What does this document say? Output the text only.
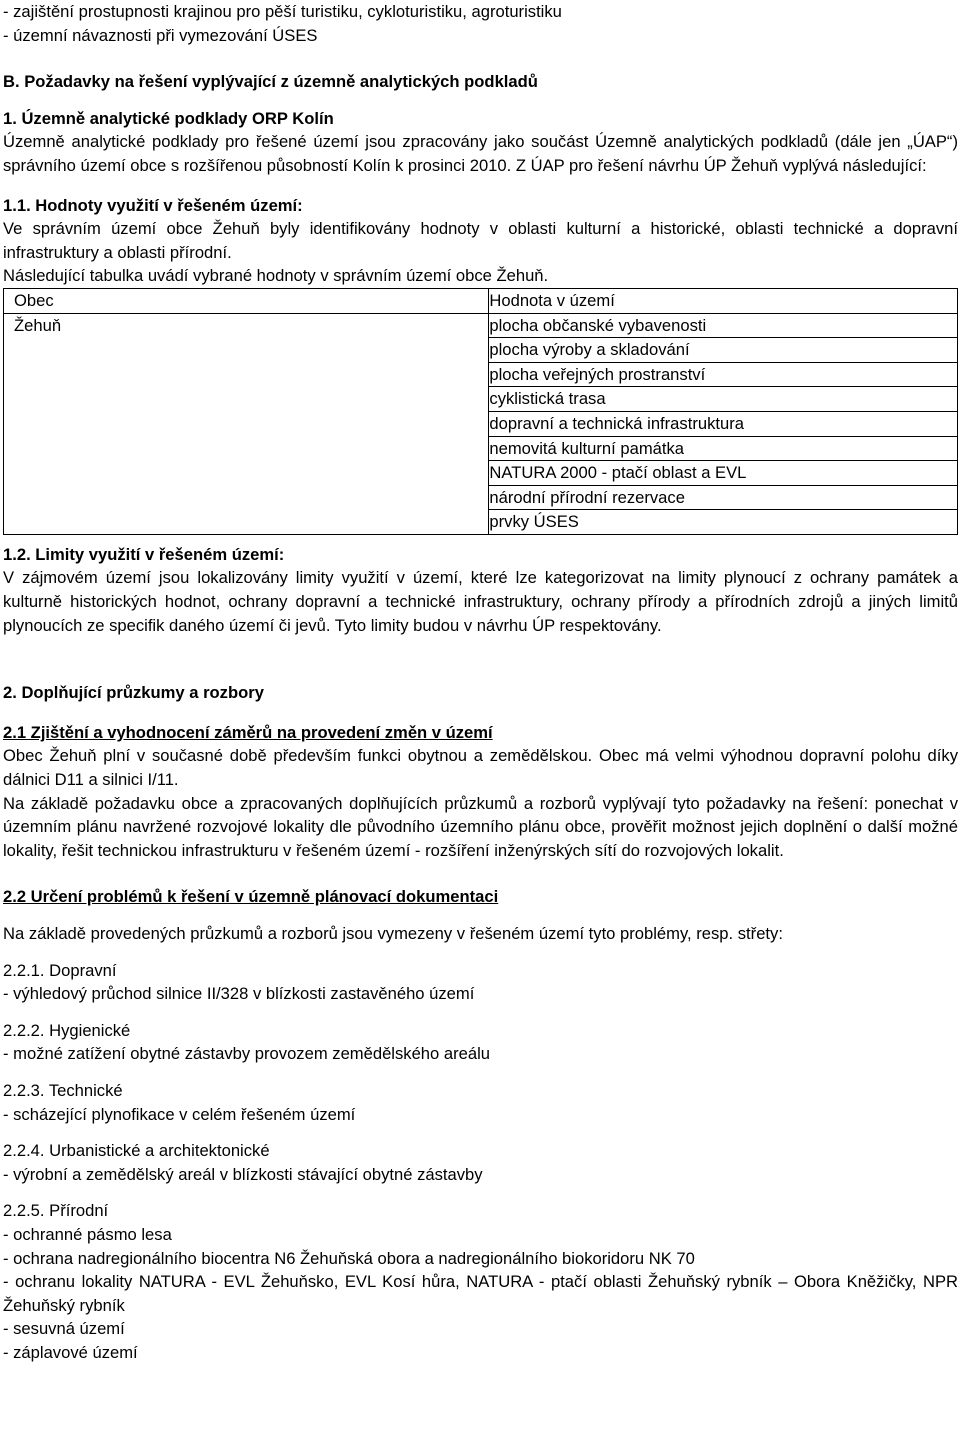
- zajištění prostupnosti krajinou pro pěší turistiku, cykloturistiku, agroturistiku

- územní návaznosti při vymezování ÚSES

B. Požadavky na řešení vyplývající z územně analytických podkladů

1. Územně analytické podklady ORP Kolín

Územně analytické podklady pro řešené území jsou zpracovány jako součást Územně analytických podkladů (dále jen „ÚAP“) správního území obce s rozšířenou působností Kolín k prosinci 2010. Z ÚAP pro řešení návrhu ÚP Žehuň vyplývá následující:

1.1. Hodnoty využití v řešeném území:

Ve správním území obce Žehuň byly identifikovány hodnoty v oblasti kulturní a historické, oblasti technické a dopravní infrastruktury a oblasti přírodní.

Následující tabulka uvádí vybrané hodnoty v správním území obce Žehuň.

Obec	Hodnota v území
Žehuň	plocha občanské vybavenosti
	plocha výroby a skladování
	plocha veřejných prostranství
	cyklistická trasa
	dopravní a technická infrastruktura
	nemovitá kulturní památka
	NATURA 2000 - ptačí oblast a EVL
	národní přírodní rezervace
	prvky ÚSES

1.2. Limity využití v řešeném území:

V zájmovém území jsou lokalizovány limity využití v území, které lze kategorizovat na limity plynoucí z ochrany památek a kulturně historických hodnot, ochrany dopravní a technické infrastruktury, ochrany přírody a přírodních zdrojů a jiných limitů plynoucích ze specifik daného území či jevů. Tyto limity budou v návrhu ÚP respektovány.

2. Doplňující průzkumy a rozbory

2.1 Zjištění a vyhodnocení záměrů na provedení změn v území

Obec Žehuň plní v současné době především funkci obytnou a zemědělskou. Obec má velmi výhodnou dopravní polohu díky dálnici D11 a silnici I/11.

Na základě požadavku obce a zpracovaných doplňujících průzkumů a rozborů vyplývají tyto požadavky na řešení: ponechat v územním plánu navržené rozvojové lokality dle původního územního plánu obce, prověřit možnost jejich doplnění o další možné lokality, řešit technickou infrastrukturu v řešeném území - rozšíření inženýrských sítí do rozvojových lokalit.

2.2 Určení problémů k řešení v územně plánovací dokumentaci

Na základě provedených průzkumů a rozborů jsou vymezeny v řešeném území tyto problémy, resp. střety:

2.2.1. Dopravní

- výhledový průchod silnice II/328 v blízkosti zastavěného území

2.2.2. Hygienické

- možné zatížení obytné zástavby provozem zemědělského areálu

2.2.3. Technické

- scházející plynofikace v celém řešeném území

2.2.4. Urbanistické a architektonické

- výrobní a zemědělský areál v blízkosti stávající obytné zástavby

2.2.5. Přírodní

- ochranné pásmo lesa

- ochrana nadregionálního biocentra N6 Žehuňská obora a nadregionálního biokoridoru NK 70

- ochranu lokality NATURA - EVL Žehuňsko, EVL Kosí hůra, NATURA - ptačí oblasti Žehuňský rybník – Obora Kněžičky, NPR Žehuňský rybník

- sesuvná území

- záplavové území
